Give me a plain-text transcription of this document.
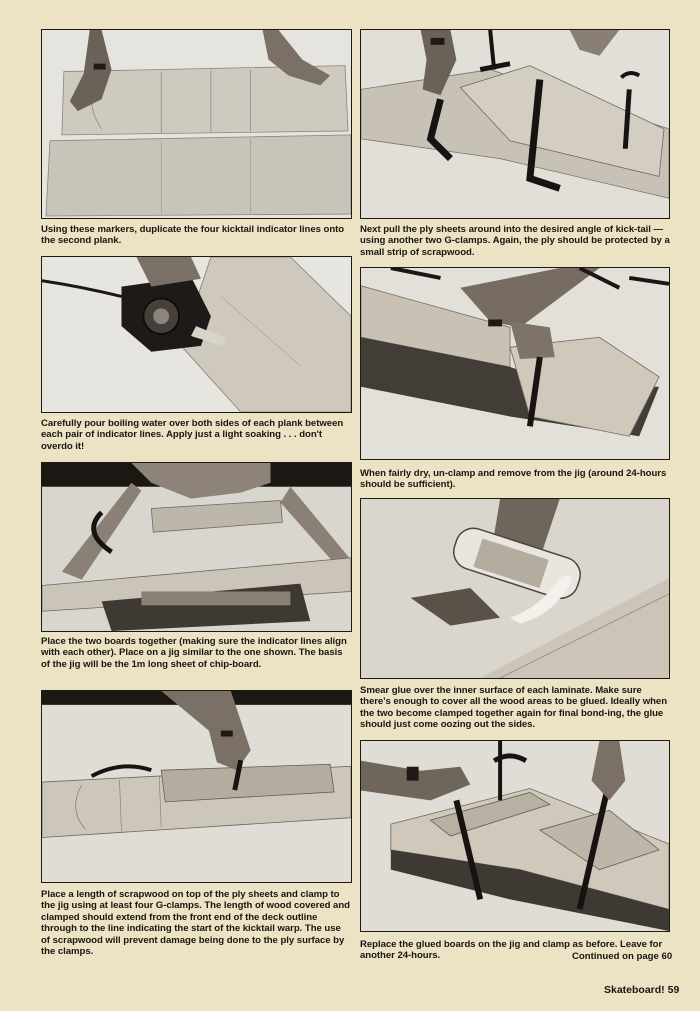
Using these markers, duplicate the four kicktail indicator lines onto the second plank.

Next pull the ply sheets around into the desired angle of kick-tail — using another two G-clamps. Again, the ply should be protected by a small strip of scrapwood.

Carefully pour boiling water over both sides of each plank between each pair of indicator lines. Apply just a light soaking . . . don't overdo it!

When fairly dry, un-clamp and remove from the jig (around 24-hours should be sufficient).

Place the two boards together (making sure the indicator lines align with each other). Place on a jig similar to the one shown. The basis of the jig will be the 1m long sheet of chip-board.

Smear glue over the inner surface of each laminate. Make sure there's enough to cover all the wood areas to be glued. Ideally when the two become clamped together again for final bond-ing, the glue should just come oozing out the sides.

Place a length of scrapwood on top of the ply sheets and clamp to the jig using at least four G-clamps. The length of wood covered and clamped should extend from the front end of the deck outline through to the line indicating the start of the kicktail warp. The use of scrapwood will prevent damage being done to the ply surface by the clamps.

Replace the glued boards on the jig and clamp as before. Leave for another 24-hours.	Continued on page 60
Skateboard! 59
